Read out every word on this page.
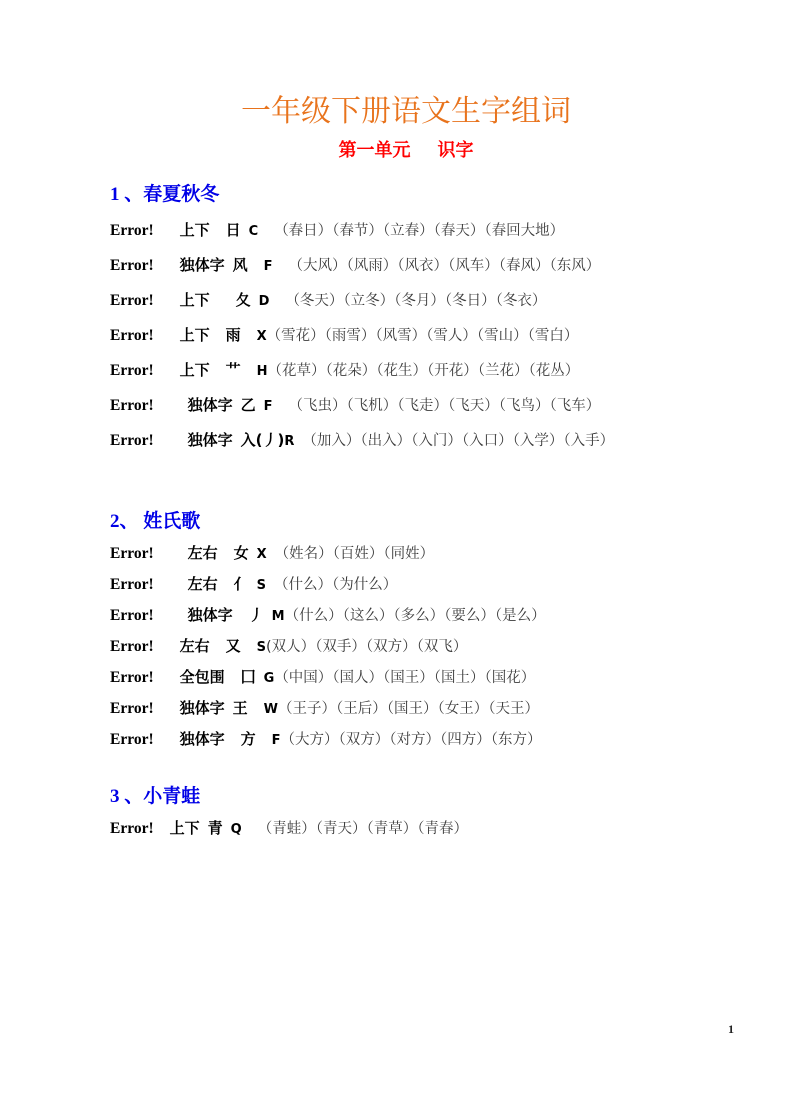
一年级下册语文生字组词
第一单元      识字
1 、春夏秋冬

Error! 上下 日 C （春日）（春节）（立春）（春天）（春回大地）

Error! 独体字 风 F （大风）（风雨）（风衣）（风车）（春风）（东风）

Error! 上下 夂 D （冬天）（立冬）（冬月）（冬日）（冬衣）

Error! 上下 雨 X（雪花）（雨雪）（风雪）（雪人）（雪山）（雪白）

Error! 上下 艹 H（花草）（花朵）（花生）（开花）（兰花）（花丛）

Error! 独体字 乙 F （飞虫）（飞机）（飞走）（飞天）（飞鸟）（飞车）

Error! 独体字 入(丿)R （加入）（出入）（入门）（入口）（入学）（入手）

2、 姓氏歌

Error! 左右 女 X （姓名）（百姓）（同姓）

Error! 左右 亻 S （什么）（为什么）

Error! 独体字 丿 M（什么）（这么）（多么）（要么）（是么）

Error! 左右 又 S(双人）（双手）（双方）（双飞）

Error! 全包围 囗 G（中国）（国人）（国王）（国土）（国花）

Error! 独体字 王 W（王子）（王后）（国王）（女王）（天王）

Error! 独体字 方 F（大方）（双方）（对方）（四方）（东方）

3 、小青蛙

Error! 上下 青 Q （青蛙）（青天）（青草）（青春）

1
